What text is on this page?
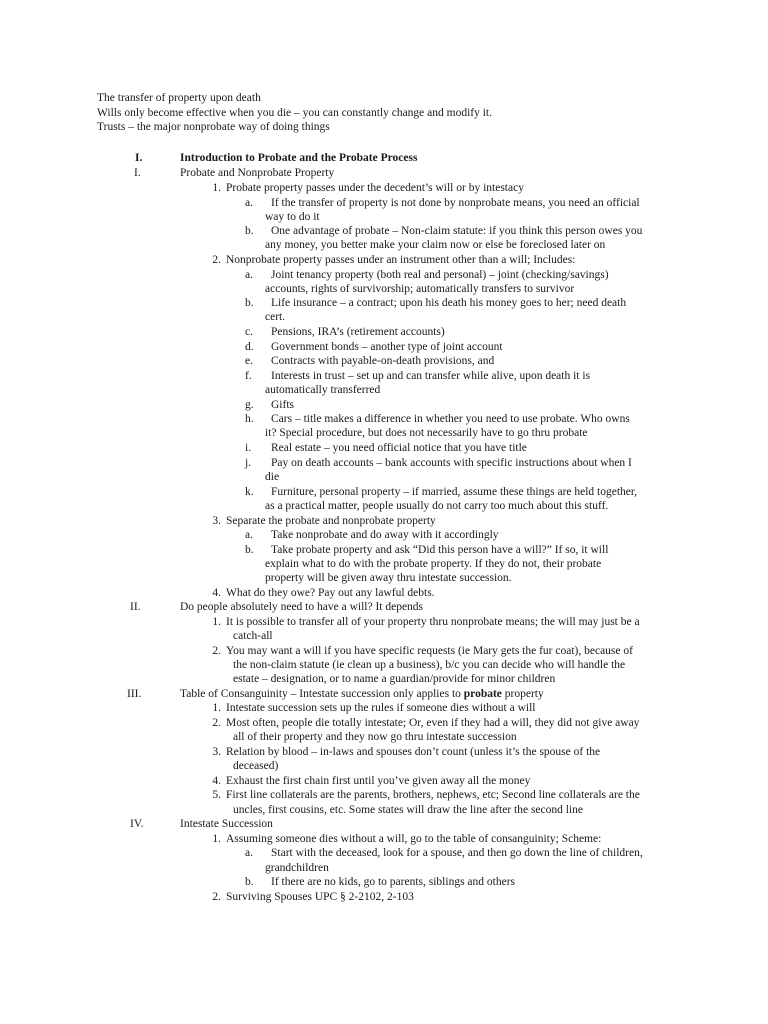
The transfer of property upon death
Wills only become effective when you die – you can constantly change and modify it.
Trusts – the major nonprobate way of doing things
I.	Introduction to Probate and the Probate Process
I.	Probate and Nonprobate Property
1. Probate property passes under the decedent’s will or by intestacy
a. If the transfer of property is not done by nonprobate means, you need an official
way to do it
b. One advantage of probate – Non-claim statute: if you think this person owes you
any money, you better make your claim now or else be foreclosed later on
2. Nonprobate property passes under an instrument other than a will; Includes:
a. Joint tenancy property (both real and personal) – joint (checking/savings)
accounts, rights of survivorship; automatically transfers to survivor
b. Life insurance – a contract; upon his death his money goes to her; need death
cert.
c. Pensions, IRA’s (retirement accounts)
d. Government bonds – another type of joint account
e. Contracts with payable-on-death provisions, and
f. Interests in trust – set up and can transfer while alive, upon death it is
automatically transferred
g. Gifts
h. Cars – title makes a difference in whether you need to use probate. Who owns
it? Special procedure, but does not necessarily have to go thru probate
i. Real estate – you need official notice that you have title
j. Pay on death accounts – bank accounts with specific instructions about when I
die
k. Furniture, personal property – if married, assume these things are held together,
as a practical matter, people usually do not carry too much about this stuff.
3. Separate the probate and nonprobate property
a. Take nonprobate and do away with it accordingly
b. Take probate property and ask “Did this person have a will?” If so, it will
explain what to do with the probate property. If they do not, their probate
property will be given away thru intestate succession.
4. What do they owe? Pay out any lawful debts.
II.	Do people absolutely need to have a will? It depends
1. It is possible to transfer all of your property thru nonprobate means; the will may just be a
catch-all
2. You may want a will if you have specific requests (ie Mary gets the fur coat), because of
the non-claim statute (ie clean up a business), b/c you can decide who will handle the
estate – designation, or to name a guardian/provide for minor children
III.	Table of Consanguinity – Intestate succession only applies to probate property
1. Intestate succession sets up the rules if someone dies without a will
2. Most often, people die totally intestate; Or, even if they had a will, they did not give away
all of their property and they now go thru intestate succession
3. Relation by blood – in-laws and spouses don’t count (unless it’s the spouse of the
deceased)
4. Exhaust the first chain first until you’ve given away all the money
5. First line collaterals are the parents, brothers, nephews, etc; Second line collaterals are the
uncles, first cousins, etc. Some states will draw the line after the second line
IV.	Intestate Succession
1. Assuming someone dies without a will, go to the table of consanguinity; Scheme:
a. Start with the deceased, look for a spouse, and then go down the line of children,
grandchildren
b. If there are no kids, go to parents, siblings and others
2. Surviving Spouses UPC § 2-2102, 2-103
